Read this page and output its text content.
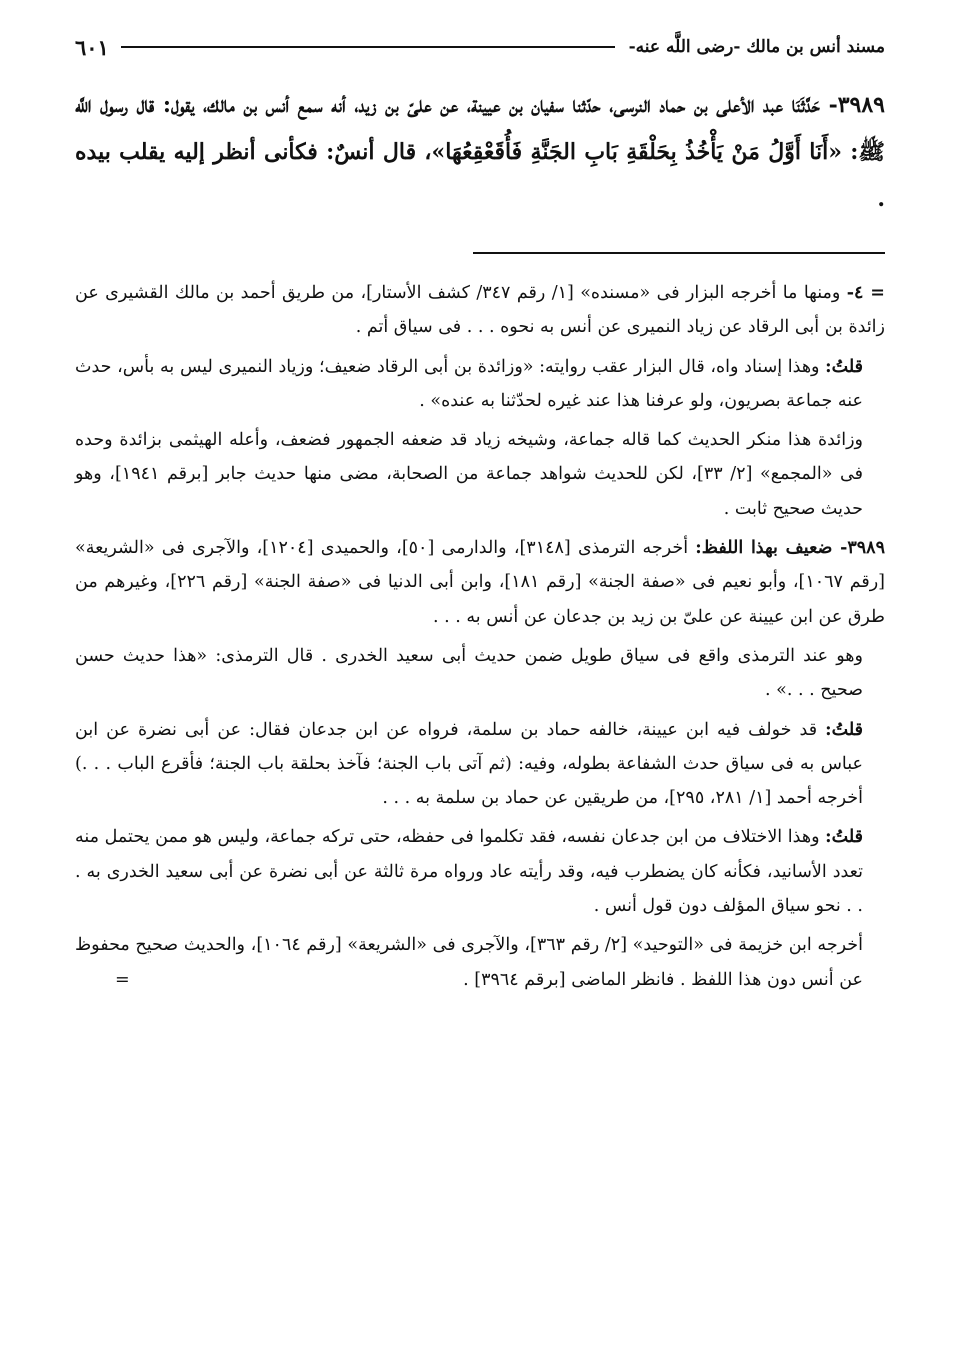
مسند أنس بن مالك -رضى اللَّه عنه-
٦٠١
٣٩٨٩- حَدَّثَنَا عبد الأعلى بن حماد النرسى، حدّثنا سفيان بن عيينة، عن علىّ بن زيد، أنه سمع أنس بن مالك، يقول: قال رسول اللَّه ﷺ: «أَنَا أَوَّلُ مَنْ يَأْخُذُ بِحَلْقَةِ بَابِ الجَنَّةِ فَأُقَعْقِعُهَا»، قال أنسٌ: فكأنى أنظر إليه يقلب بيده .

= ٤- ومنها ما أخرجه البزار فى «مسنده» [١/ رقم ٣٤٧/ كشف الأستار]، من طريق أحمد بن مالك القشيرى عن زائدة بن أبى الرقاد عن زياد النميرى عن أنس به نحوه . . . فى سياق أتم .

قلتُ: وهذا إسناد واه، قال البزار عقب روايته: «وزائدة بن أبى الرقاد ضعيف؛ وزياد النميرى ليس به بأس، حدث عنه جماعة بصريون، ولو عرفنا هذا عند غيره لحدّثنا به عنده» .

وزائدة هذا منكر الحديث كما قاله جماعة، وشيخه زياد قد ضعفه الجمهور فضعف، وأعله الهيثمى بزائدة وحده فى «المجمع» [٢/ ٣٣]، لكن للحديث شواهد جماعة من الصحابة، مضى منها حديث جابر [برقم ١٩٤١]، وهو حديث صحيح ثابت .

٣٩٨٩- ضعيف بهذا اللفظ: أخرجه الترمذى [٣١٤٨]، والدارمى [٥٠]، والحميدى [١٢٠٤]، والآجرى فى «الشريعة» [رقم ١٠٦٧]، وأبو نعيم فى «صفة الجنة» [رقم ١٨١]، وابن أبى الدنيا فى «صفة الجنة» [رقم ٢٢٦]، وغيرهم من طرق عن ابن عيينة عن علىّ بن زيد بن جدعان عن أنس به . . .

وهو عند الترمذى واقع فى سياق طويل ضمن حديث أبى سعيد الخدرى . قال الترمذى: «هذا حديث حسن صحيح . . .» .

قلتُ: قد خولف فيه ابن عيينة، خالفه حماد بن سلمة، فرواه عن ابن جدعان فقال: عن أبى نضرة عن ابن عباس به فى سياق حدث الشفاعة بطوله، وفيه: (ثم آتى باب الجنة؛ فآخذ بحلقة باب الجنة؛ فأقرع الباب . . .) أخرجه أحمد [١/ ٢٨١، ٢٩٥]، من طريقين عن حماد بن سلمة به . . .

قلتُ: وهذا الاختلاف من ابن جدعان نفسه، فقد تكلموا فى حفظه، حتى تركه جماعة، وليس هو ممن يحتمل منه تعدد الأسانيد، فكأنه كان يضطرب فيه، وقد رأيته عاد ورواه مرة ثالثة عن أبى نضرة عن أبى سعيد الخدرى به . . . نحو سياق المؤلف دون قول أنس .

أخرجه ابن خزيمة فى «التوحيد» [٢/ رقم ٣٦٣]، والآجرى فى «الشريعة» [رقم ١٠٦٤]، والحديث صحيح محفوظ عن أنس دون هذا اللفظ . فانظر الماضى [برقم ٣٩٦٤] .
=
